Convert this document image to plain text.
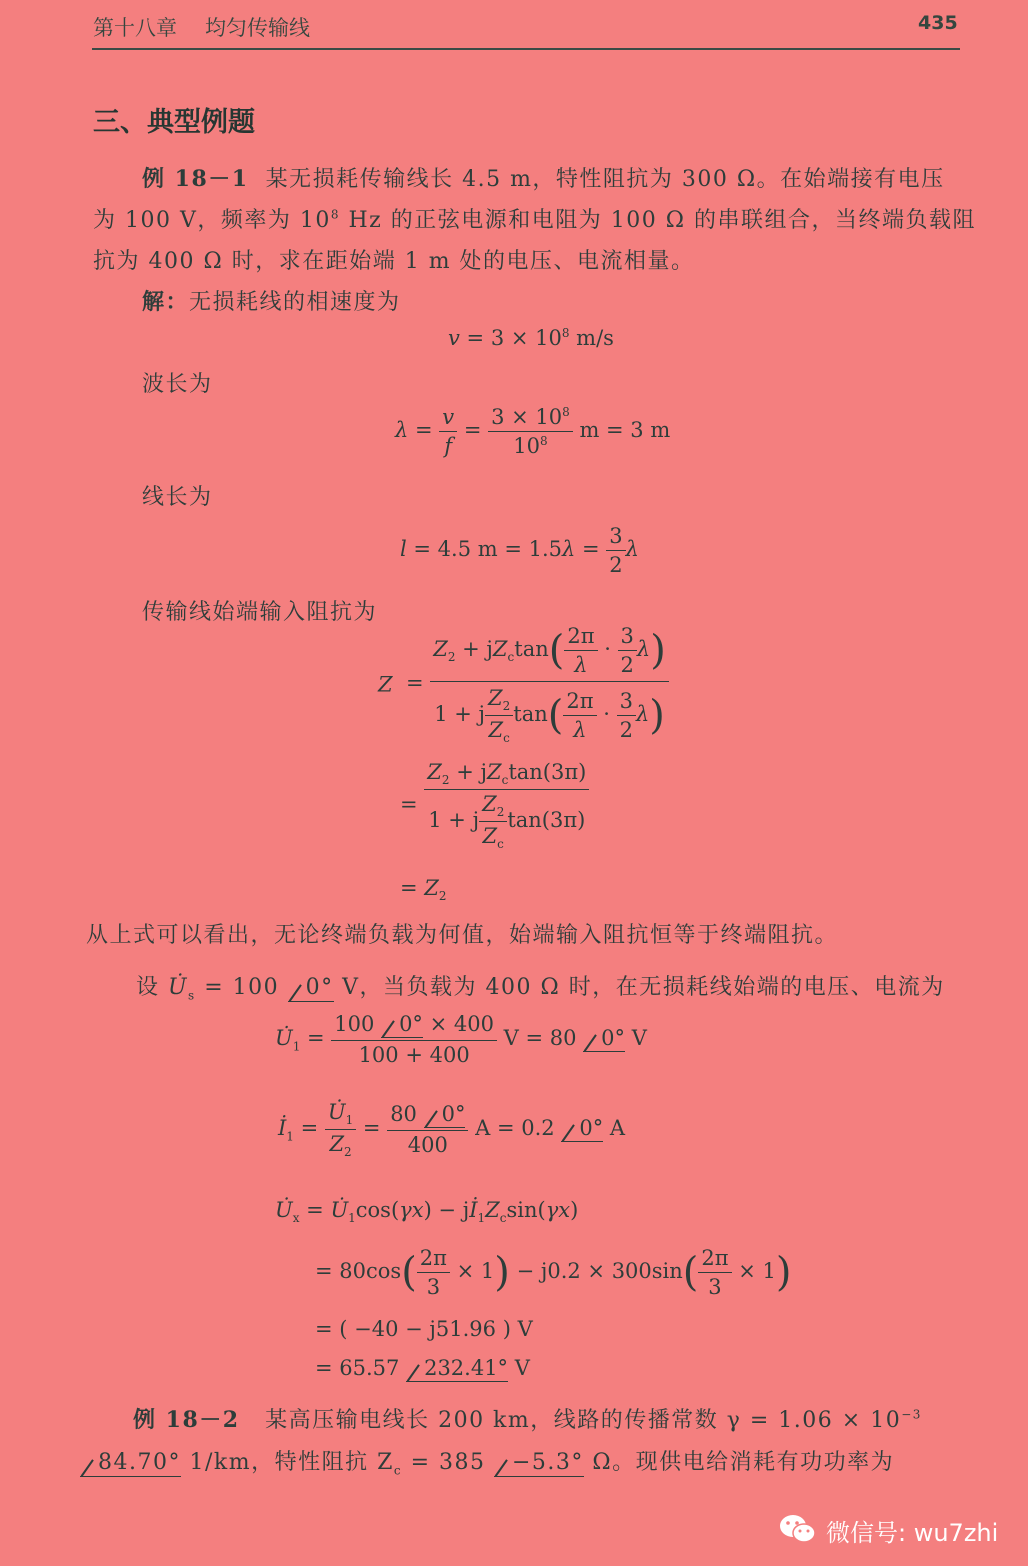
第十八章 均匀传输线	435
三、典型例题
例 18－1 某无损耗传输线长 4.5 m，特性阻抗为 300 Ω。在始端接有电压
为 100 V，频率为 $10^8$ Hz 的正弦电源和电阻为 100 Ω 的串联组合，当终端负载阻
抗为 400 Ω 时，求在距始端 1 m 处的电压、电流相量。
解：无损耗线的相速度为
$v = 3 \times 10^8$ m/s
波长为
$\lambda = \frac{v}{f} = \frac{3 \times 10^8}{10^8}$ m = 3 m
线长为
l = 4.5 $m = 1.5\lambda = \frac{3}{2}$ λ
传输线始端输入阻抗为
$Z = \frac{Z_2 + jZ_c\tan( \frac{2\pi}{\lambda} \cdot \frac{3}{2} \lambda)}{1 + j \frac{Z_2}{Z_c} \tan( \frac{2\pi}{\lambda} \cdot \frac{3}{2} \lambda)}$
= $\frac{Z_2 + jZ_c\tan(3\pi)}{1 + j \frac{Z_2}{Z_c} \tan(3\pi)}$
= $Z_2$
从上式可以看出，无论终端负载为何值，始端输入阻抗恒等于终端阻抗。
设 $U̇_s = 100$ 0° V，当负载为 400 Ω 时，在无损耗线始端的电压、电流为
$U̇_1 = \frac{100 0^\circ \times 400}{100 + 400}$ V = 80 0° V
$İ_1 = \frac{U̇_1}{Z_2} = \frac{80 0^\circ}{400}$ A = 0.2 0° A
$U̇_x$ = $U̇_1\cos(\gamma x)$ − $jİ_1Z_c\sin(\gamma x)$
= $80\cos( \frac{2\pi}{3} \times 1) - j0.2 \times 300\sin( \frac{2\pi}{3} \times 1)$
= ( −40 − j51.96 ) V
= 65.57 232.41° V
例 18－2 某高压输电线长 200 km，线路的传播常数 $\gamma = 1.06 \times 10^{-3}$
84.70° 1/km，特性阻抗 $Z_c = 385 -5.3^\circ$ Ω。现供电给消耗有功功率为
微信号: wu7zhi
